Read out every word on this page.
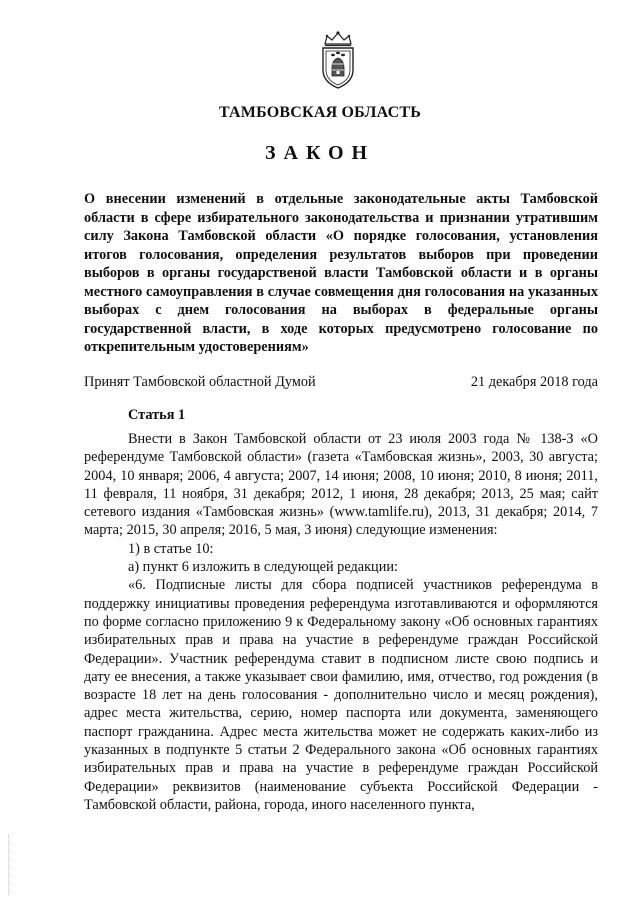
ТАМБОВСКАЯ ОБЛАСТЬ
ЗАКОН
О внесении изменений в отдельные законодательные акты Тамбовской области в сфере избирательного законодательства и признании утратившим силу Закона Тамбовской области «О порядке голосования, установления итогов голосования, определения результатов выборов при проведении выборов в органы государственой власти Тамбовской области и в органы местного самоуправления в случае совмещения дня голосования на указанных выборах с днем голосования на выборах в федеральные органы государственной власти, в ходе которых предусмотрено голосование по открепительным удостоверениям»
Принят Тамбовской областной Думой	21 декабря 2018 года
Статья 1

Внести в Закон Тамбовской области от 23 июля 2003 года № 138-З «О референдуме Тамбовской области» (газета «Тамбовская жизнь», 2003, 30 августа; 2004, 10 января; 2006, 4 августа; 2007, 14 июня; 2008, 10 июня; 2010, 8 июня; 2011, 11 февраля, 11 ноября, 31 декабря; 2012, 1 июня, 28 декабря; 2013, 25 мая; сайт сетевого издания «Тамбовская жизнь» (www.tamlife.ru), 2013, 31 декабря; 2014, 7 марта; 2015, 30 апреля; 2016, 5 мая, 3 июня) следующие изменения:

1) в статье 10:

а) пункт 6 изложить в следующей редакции:

«6. Подписные листы для сбора подписей участников референдума в поддержку инициативы проведения референдума изготавливаются и оформляются по форме согласно приложению 9 к Федеральному закону «Об основных гарантиях избирательных прав и права на участие в референдуме граждан Российской Федерации». Участник референдума ставит в подписном листе свою подпись и дату ее внесения, а также указывает свои фамилию, имя, отчество, год рождения (в возрасте 18 лет на день голосования - дополнительно число и месяц рождения), адрес места жительства, серию, номер паспорта или документа, заменяющего паспорт гражданина. Адрес места жительства может не содержать каких-либо из указанных в подпункте 5 статьи 2 Федерального закона «Об основных гарантиях избирательных прав и права на участие в референдуме граждан Российской Федерации» реквизитов (наименование субъекта Российской Федерации - Тамбовской области, района, города, иного населенного пункта,
